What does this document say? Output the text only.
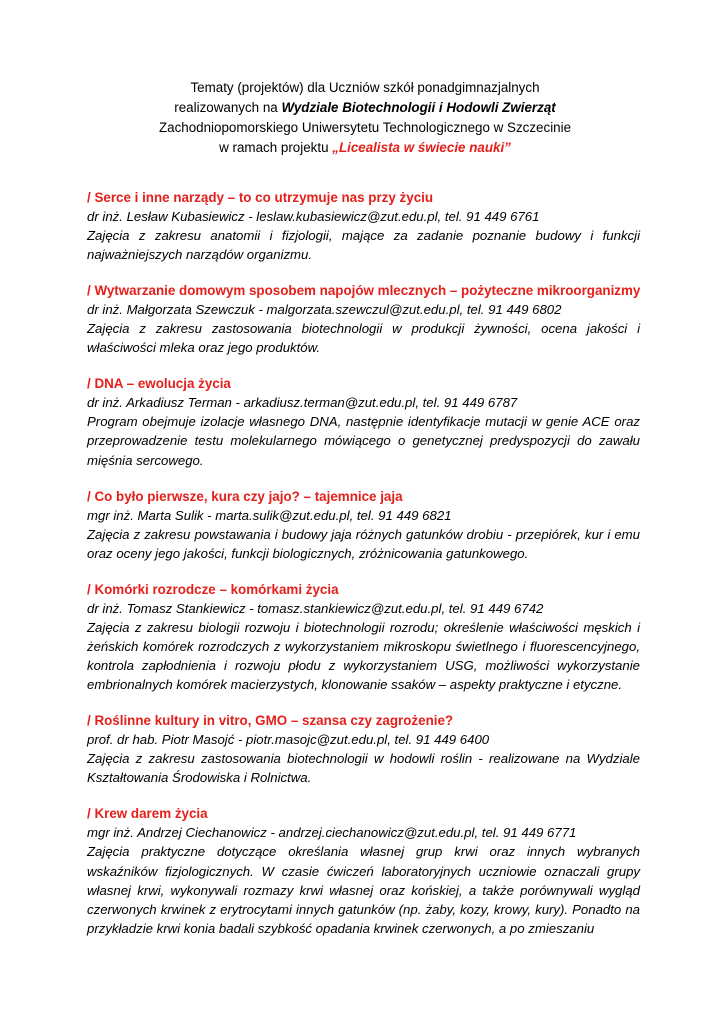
Tematy (projektów) dla Uczniów szkół ponadgimnazjalnych
realizowanych na Wydziale Biotechnologii i Hodowli Zwierząt
Zachodniopomorskiego Uniwersytetu Technologicznego w Szczecinie
w ramach projektu „Licealista w świecie nauki”
/ Serce i inne narządy – to co utrzymuje nas przy życiu
dr inż. Lesław Kubasiewicz - leslaw.kubasiewicz@zut.edu.pl, tel. 91 449 6761
Zajęcia z zakresu anatomii i fizjologii, mające za zadanie poznanie budowy i funkcji najważniejszych narządów organizmu.
/ Wytwarzanie domowym sposobem napojów mlecznych – pożyteczne mikroorganizmy
dr inż. Małgorzata Szewczuk - malgorzata.szewczul@zut.edu.pl, tel. 91 449 6802
Zajęcia z zakresu zastosowania biotechnologii w produkcji żywności, ocena jakości i właściwości mleka oraz jego produktów.
/ DNA – ewolucja życia
dr inż. Arkadiusz Terman - arkadiusz.terman@zut.edu.pl, tel. 91 449 6787
Program obejmuje izolacje własnego DNA, następnie identyfikacje mutacji w genie ACE oraz przeprowadzenie testu molekularnego mówiącego o genetycznej predyspozycji do zawału mięśnia sercowego.
/ Co było pierwsze, kura czy jajo? – tajemnice jaja
mgr inż. Marta Sulik - marta.sulik@zut.edu.pl, tel. 91 449 6821
Zajęcia z zakresu powstawania i budowy jaja różnych gatunków drobiu - przepiórek, kur i emu oraz oceny jego jakości, funkcji biologicznych, zróżnicowania gatunkowego.
/ Komórki rozrodcze – komórkami życia
dr inż. Tomasz Stankiewicz - tomasz.stankiewicz@zut.edu.pl, tel. 91 449 6742
Zajęcia z zakresu biologii rozwoju i biotechnologii rozrodu; określenie właściwości męskich i żeńskich komórek rozrodczych z wykorzystaniem mikroskopu świetlnego i fluorescencyjnego, kontrola zapłodnienia i rozwoju płodu z wykorzystaniem USG, możliwości wykorzystanie embrionalnych komórek macierzystych, klonowanie ssaków – aspekty praktyczne i etyczne.
/ Roślinne kultury in vitro, GMO – szansa czy zagrożenie?
prof. dr hab. Piotr Masojć - piotr.masojc@zut.edu.pl, tel. 91 449 6400
Zajęcia z zakresu zastosowania biotechnologii w hodowli roślin - realizowane na Wydziale Kształtowania Środowiska i Rolnictwa.
/ Krew darem życia
mgr inż. Andrzej Ciechanowicz - andrzej.ciechanowicz@zut.edu.pl, tel. 91 449 6771
Zajęcia praktyczne dotyczące określania własnej grup krwi oraz innych wybranych wskaźników fizjologicznych. W czasie ćwiczeń laboratoryjnych uczniowie oznaczali grupy własnej krwi, wykonywali rozmazy krwi własnej oraz końskiej, a także porównywali wygląd czerwonych krwinek z erytrocytami innych gatunków (np. żaby, kozy, krowy, kury). Ponadto na przykładzie krwi konia badali szybkość opadania krwinek czerwonych, a po zmieszaniu
